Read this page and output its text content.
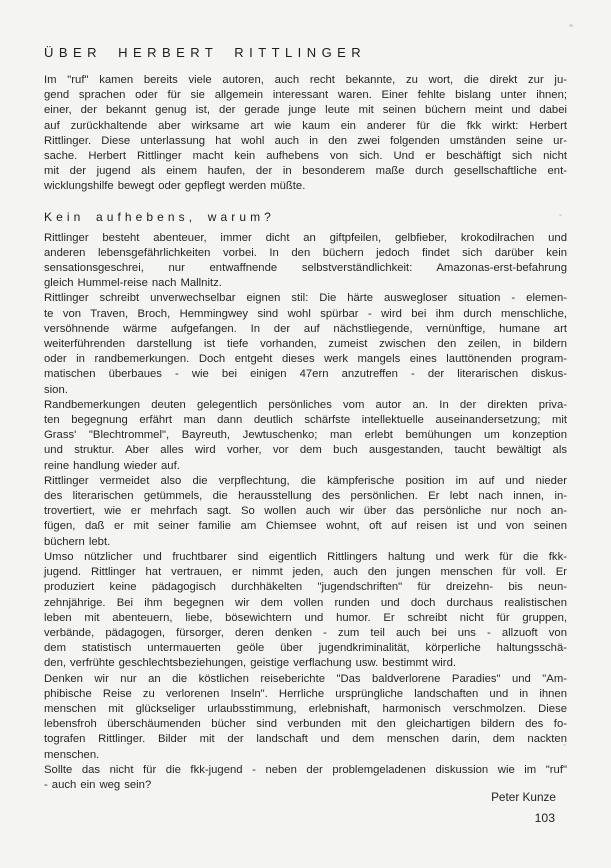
ÜBER HERBERT RITTLINGER
Im "ruf" kamen bereits viele autoren, auch recht bekannte, zu wort, die direkt zur ju-
gend sprachen oder für sie allgemein interessant waren. Einer fehlte bislang unter ihnen;
einer, der bekannt genug ist, der gerade junge leute mit seinen büchern meint und dabei
auf zurückhaltende aber wirksame art wie kaum ein anderer für die fkk wirkt: Herbert
Rittlinger. Diese unterlassung hat wohl auch in den zwei folgenden umständen seine ur-
sache. Herbert Rittlinger macht kein aufhebens von sich. Und er beschäftigt sich nicht
mit der jugend als einem haufen, der in besonderem maße durch gesellschaftliche ent-
wicklungshilfe bewegt oder gepflegt werden müßte.
Kein aufhebens, warum?
Rittlinger besteht abenteuer, immer dicht an giftpfeilen, gelbfieber, krokodilrachen und
anderen lebensgefährlichkeiten vorbei. In den büchern jedoch findet sich darüber kein
sensationsgeschrei, nur entwaffnende selbstverständlichkeit: Amazonas-erst-befahrung
gleich Hummel-reise nach Mallnitz.
Rittlinger schreibt unverwechselbar eignen stil: Die härte auswegloser situation - elemen-
te von Traven, Broch, Hemmingwey sind wohl spürbar - wird bei ihm durch menschliche,
versöhnende wärme aufgefangen. In der auf nächstliegende, vernünftige, humane art
weiterführenden darstellung ist tiefe vorhanden, zumeist zwischen den zeilen, in bildern
oder in randbemerkungen. Doch entgeht dieses werk mangels eines lauttönenden program-
matischen überbaues - wie bei einigen 47ern anzutreffen - der literarischen diskus-
sion.
Randbemerkungen deuten gelegentlich persönliches vom autor an. In der direkten priva-
ten begegnung erfährt man dann deutlich schärfste intellektuelle auseinandersetzung; mit
Grass' "Blechtrommel", Bayreuth, Jewtuschenko; man erlebt bemühungen um konzeption
und struktur. Aber alles wird vorher, vor dem buch ausgestanden, taucht bewältigt als
reine handlung wieder auf.
Rittlinger vermeidet also die verpflechtung, die kämpferische position im auf und nieder
des literarischen getümmels, die herausstellung des persönlichen. Er lebt nach innen, in-
trovertiert, wie er mehrfach sagt. So wollen auch wir über das persönliche nur noch an-
fügen, daß er mit seiner familie am Chiemsee wohnt, oft auf reisen ist und von seinen
büchern lebt.
Umso nützlicher und fruchtbarer sind eigentlich Rittlingers haltung und werk für die fkk-
jugend. Rittlinger hat vertrauen, er nimmt jeden, auch den jungen menschen für voll. Er
produziert keine pädagogisch durchhäkelten "jugendschriften" für dreizehn- bis neun-
zehnjährige. Bei ihm begegnen wir dem vollen runden und doch durchaus realistischen
leben mit abenteuern, liebe, bösewichtern und humor. Er schreibt nicht für gruppen,
verbände, pädagogen, fürsorger, deren denken - zum teil auch bei uns - allzuoft von
dem statistisch untermauerten geöle über jugendkriminalität, körperliche haltungsschä-
den, verfrühte geschlechtsbeziehungen, geistige verflachung usw. bestimmt wird.
Denken wir nur an die köstlichen reiseberichte "Das baldverlorene Paradies" und "Am-
phibische Reise zu verlorenen Inseln". Herrliche ursprüngliche landschaften und in ihnen
menschen mit glückseliger urlaubsstimmung, erlebnishaft, harmonisch verschmolzen. Diese
lebensfroh überschäumenden bücher sind verbunden mit den gleichartigen bildern des fo-
tografen Rittlinger. Bilder mit der landschaft und dem menschen darin, dem nackten
menschen.
Sollte das nicht für die fkk-jugend - neben der problemgeladenen diskussion wie im "ruf"
- auch ein weg sein?
Peter Kunze
103
